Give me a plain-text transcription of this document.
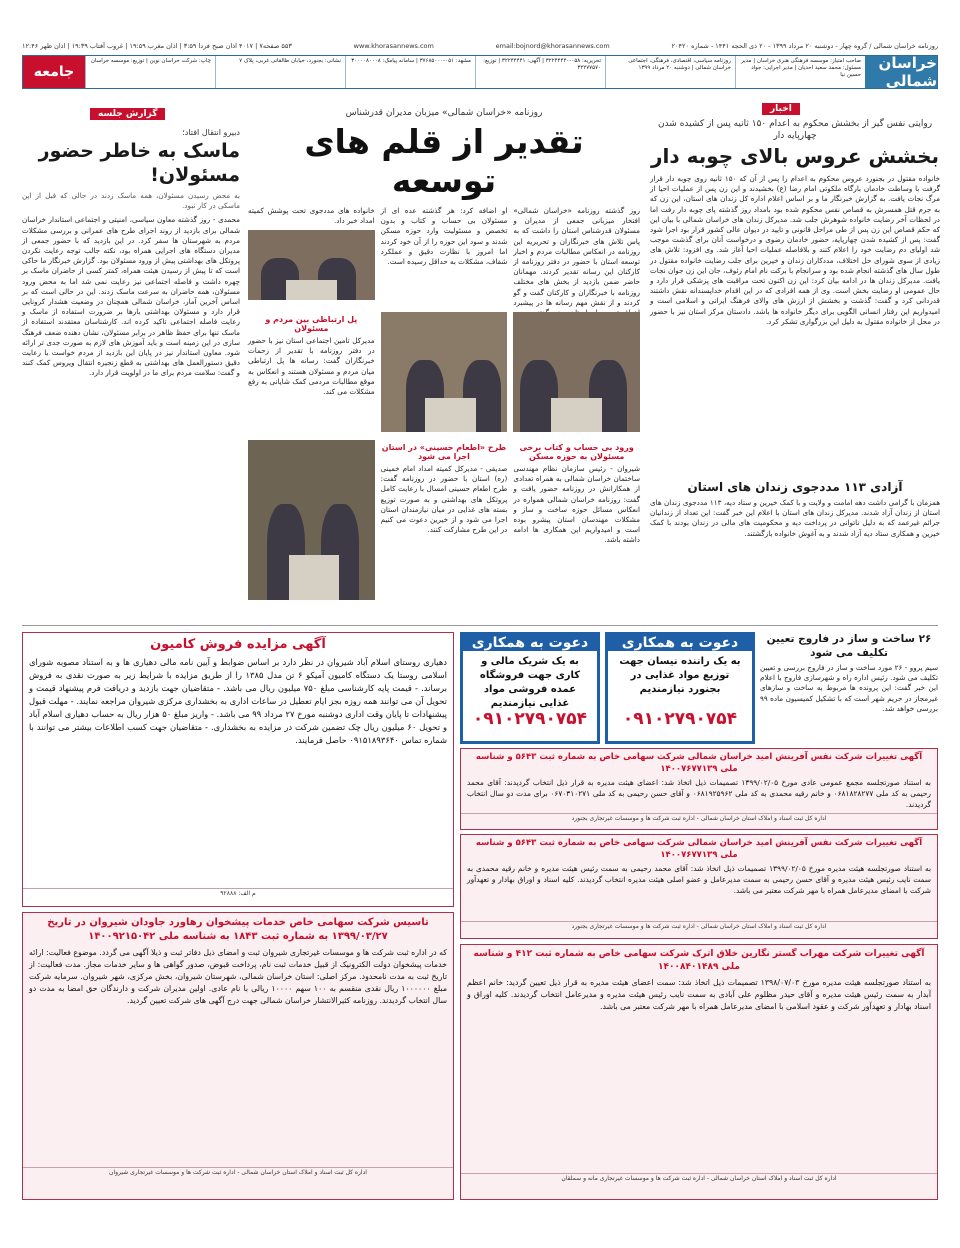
روزنامه خراسان شمالی / گروه چهار - دوشنبه ۲۰ مرداد ۱۳۹۹ - ۲۰ ذی الحجه ۱۴۴۱ - شماره ۲۰۴۲۰
email:bojnord@khorasannews.com
www.khorasannews.com
۵۵۳ صفحه۷ | ۴۰۱۷ اذان صبح فردا ۳:۵۹ | اذان مغرب ۱۹:۵۹ | غروب آفتاب ۱۹:۳۹ | اذان ظهر ۱۲:۴۶
خراسان شمالی
صاحب امتیاز: موسسه فرهنگی هنری خراسان | مدیر مسئول: محمد سعید احدیان | مدیر اجرایی: جواد حسین نیا
روزنامه سیاسی، اقتصادی، فرهنگی، اجتماعی خراسان شمالی | دوشنبه ۲۰ مرداد ۱۳۹۹
تحریریه: ۰۵۸-۳۲۲۴۴۴۴۰ | آگهی: ۳۲۲۴۴۴۴۱ | توزیع: ۳۲۲۷۷۵۷۰
مشهد: ۰۵۱-۳۷۶۸۵۰۰۰ | سامانه پیامک: ۳۰۰۰۰۸۰۰۰۸
نشانی: بجنورد، خیابان طالقانی غربی، پلاک ۷
چاپ: شرکت خراسان نوین | توزیع: موسسه خراسان
جامعه
اخبار
گزارش جلسه
روایتی نفس گیر از بخشش محکوم به اعدام ۱۵۰ ثانیه پس از کشیده شدن چهارپایه دار
بخشش عروس بالای چوبه دار
خانواده مقتول در بجنورد عروس محکوم به اعدام را پس از آن که ۱۵۰ ثانیه روی چوبه دار قرار گرفت با وساطت خادمان بارگاه ملکوتی امام رضا (ع) بخشیدند و این زن پس از عملیات احیا از مرگ نجات یافت. به گزارش خبرنگار ما و بر اساس اعلام اداره کل زندان های استان، این زن که به جرم قتل همسرش به قصاص نفس محکوم شده بود بامداد روز گذشته پای چوبه دار رفت اما در لحظات آخر رضایت خانواده شوهرش جلب شد. مدیرکل زندان های خراسان شمالی با بیان این که حکم قصاص این زن پس از طی مراحل قانونی و تایید در دیوان عالی کشور قرار بود اجرا شود گفت: پس از کشیده شدن چهارپایه، حضور خادمان رضوی و درخواست آنان برای گذشت موجب شد اولیای دم رضایت خود را اعلام کنند و بلافاصله عملیات احیا آغاز شد. وی افزود: تلاش های زیادی از سوی شورای حل اختلاف، مددکاران زندان و خیرین برای جلب رضایت خانواده مقتول در طول سال های گذشته انجام شده بود و سرانجام با برکت نام امام رئوف، جان این زن جوان نجات یافت. مدیرکل زندان ها در ادامه بیان کرد: این زن اکنون تحت مراقبت های پزشکی قرار دارد و حال عمومی او رضایت بخش است. وی از همه افرادی که در این اقدام خداپسندانه نقش داشتند قدردانی کرد و گفت: گذشت و بخشش از ارزش های والای فرهنگ ایرانی و اسلامی است و امیدواریم این رفتار انسانی الگویی برای دیگر خانواده ها باشد. دادستان مرکز استان نیز با حضور در محل از خانواده مقتول به دلیل این بزرگواری تشکر کرد.
آزادی ۱۱۳ مددجوی زندان های استان
همزمان با گرامی داشت دهه امامت و ولایت و با کمک خیرین و ستاد دیه، ۱۱۳ مددجوی زندان های استان از زندان آزاد شدند. مدیرکل زندان های استان با اعلام این خبر گفت: این تعداد از زندانیان جرائم غیرعمد که به دلیل ناتوانی در پرداخت دیه و محکومیت های مالی در زندان بودند با کمک خیرین و همکاری ستاد دیه آزاد شدند و به آغوش خانواده بازگشتند.
روزنامه «خراسان شمالی» میزبان مدیران قدرشناس
تقدیر از قلم های توسعه
روز گذشته روزنامه «خراسان شمالی» افتخار میزبانی جمعی از مدیران و مسئولان قدرشناس استان را داشت که به پاس تلاش های خبرنگاران و تحریریه این روزنامه در انعکاس مطالبات مردم و اخبار توسعه استان با حضور در دفتر روزنامه از کارکنان این رسانه تقدیر کردند. مهمانان حاضر ضمن بازدید از بخش های مختلف روزنامه با خبرنگاران و کارکنان گفت و گو کردند و از نقش مهم رسانه ها در پیشبرد
او اضافه کرد: هر گذشته عده ای از مسئولان بی حساب و کتاب و بدون تخصص و مسئولیت وارد حوزه مسکن شدند و سود این حوزه را از آن خود کردند اما امروز با نظارت دقیق و عملکرد شفاف، مشکلات به حداقل رسیده است.
خانواده های مددجوی تحت پوشش کمیته امداد خبر داد.
پل ارتباطی بین مردم و مسئولان
مدیرکل تامین اجتماعی استان نیز با حضور در دفتر روزنامه با تقدیر از زحمات خبرنگاران گفت: رسانه ها پل ارتباطی میان مردم و مسئولان هستند و انعکاس به موقع مطالبات مردمی کمک شایانی به رفع مشکلات می کند.
ورود بی حساب و کتاب برخی مسئولان به حوزه مسکن
شیروان - رئیس سازمان نظام مهندسی ساختمان خراسان شمالی به همراه تعدادی از همکارانش در روزنامه حضور یافت و گفت: روزنامه خراسان شمالی همواره در انعکاس مسائل حوزه ساخت و ساز و مشکلات مهندسان استان پیشرو بوده است و امیدواریم این همکاری ها ادامه داشته باشد.
طرح «اطعام حسینی» در استان اجرا می شود
صدیقی - مدیرکل کمیته امداد امام خمینی (ره) استان با حضور در روزنامه گفت: طرح اطعام حسینی امسال با رعایت کامل پروتکل های بهداشتی و به صورت توزیع بسته های غذایی در میان نیازمندان استان اجرا می شود و از خیرین دعوت می کنیم در این طرح مشارکت کنند.
دبیرو انتقال افتاد؛
ماسک به خاطر حضور مسئولان!
به محض رسیدن مسئولان، همه ماسک زدند در حالی که قبل از این ماسکی در کار نبود.
محمدی - روز گذشته معاون سیاسی، امنیتی و اجتماعی استاندار خراسان شمالی برای بازدید از روند اجرای طرح های عمرانی و بررسی مشکلات مردم به شهرستان ها سفر کرد. در این بازدید که با حضور جمعی از مدیران دستگاه های اجرایی همراه بود، نکته جالب توجه رعایت نکردن پروتکل های بهداشتی پیش از ورود مسئولان بود. گزارش خبرنگار ما حاکی است که تا پیش از رسیدن هیئت همراه، کمتر کسی از حاضران ماسک بر چهره داشت و فاصله اجتماعی نیز رعایت نمی شد اما به محض ورود مسئولان، همه حاضران به سرعت ماسک زدند. این در حالی است که بر اساس آخرین آمار، خراسان شمالی همچنان در وضعیت هشدار کرونایی قرار دارد و مسئولان بهداشتی بارها بر ضرورت استفاده از ماسک و رعایت فاصله اجتماعی تاکید کرده اند. کارشناسان معتقدند استفاده از ماسک تنها برای حفظ ظاهر در برابر مسئولان، نشان دهنده ضعف فرهنگ سازی در این زمینه است و باید آموزش های لازم به صورت جدی تر ارائه شود. معاون استاندار نیز در پایان این بازدید از مردم خواست با رعایت دقیق دستورالعمل های بهداشتی به قطع زنجیره انتقال ویروس کمک کنند و گفت: سلامت مردم برای ما در اولویت قرار دارد.
۲۶ ساخت و ساز در فاروج تعیین تکلیف می شود
سیم پروو - ۲۶ مورد ساخت و ساز در فاروج بررسی و تعیین تکلیف می شود. رئیس اداره راه و شهرسازی فاروج با اعلام این خبر گفت: این پرونده ها مربوط به ساخت و سازهای غیرمجاز در حریم شهر است که با تشکیل کمیسیون ماده ۹۹ بررسی خواهد شد.
دعوت به همکاری
به یک شریک مالی و کاری جهت فروشگاه عمده فروشی مواد غذایی نیازمندیم
۰۹۱۰۲۷۹۰۷۵۴
دعوت به همکاری
به یک راننده نیسان جهت توزیع مواد غذایی در بجنورد نیازمندیم
۰۹۱۰۲۷۹۰۷۵۴
آگهی مزایده فروش کامیون
دهیاری روستای اسلام آباد شیروان در نظر دارد بر اساس ضوابط و آیین نامه مالی دهیاری ها و به استناد مصوبه شورای اسلامی روستا یک دستگاه کامیون آمیکو ۶ تن مدل ۱۳۸۵ را از طریق مزایده با شرایط زیر به صورت نقدی به فروش برساند. - قیمت پایه کارشناسی مبلغ ۷۵۰ میلیون ریال می باشد. - متقاضیان جهت بازدید و دریافت فرم پیشنهاد قیمت و تحویل آن می توانند همه روزه بجز ایام تعطیل در ساعات اداری به بخشداری مرکزی شیروان مراجعه نمایند. - مهلت قبول پیشنهادات تا پایان وقت اداری دوشنبه مورخ ۲۷ مرداد ۹۹ می باشد. - واریز مبلغ ۵۰ هزار ریال به حساب دهیاری اسلام آباد و تحویل ۶۰ میلیون ریال چک تضمین شرکت در مزایده به بخشداری. - متقاضیان جهت کسب اطلاعات بیشتر می توانند با شماره تماس ۰۹۱۵۱۸۹۳۶۴۰ حاصل فرمایند.
م الف: ۹۲۸۸۸
آگهی تغییرات شرکت نفس آفرینش امید خراسان شمالی شرکت سهامی خاص به شماره ثبت ۵۶۴۳ و شناسه ملی ۱۴۰۰۷۶۷۷۱۳۹
به استناد صورتجلسه مجمع عمومی عادی مورخ ۱۳۹۹/۰۲/۰۵ تصمیمات ذیل اتخاذ شد: اعضای هیئت مدیره به قرار ذیل انتخاب گردیدند: آقای محمد رحیمی به کد ملی ۰۶۸۱۸۲۸۲۷۷ و خانم رقیه محمدی به کد ملی ۰۶۸۱۹۲۵۹۶۲ و آقای حسن رحیمی به کد ملی ۰۶۷۰۳۱۰۲۷۱ برای مدت دو سال انتخاب گردیدند.
اداره کل ثبت اسناد و املاک استان خراسان شمالی - اداره ثبت شرکت ها و موسسات غیرتجاری بجنورد
آگهی تغییرات شرکت نفس آفرینش امید خراسان شمالی شرکت سهامی خاص به شماره ثبت ۵۶۴۳ و شناسه ملی ۱۴۰۰۷۶۷۷۱۳۹
به استناد صورتجلسه هیئت مدیره مورخ ۱۳۹۹/۰۲/۰۵ تصمیمات ذیل اتخاذ شد: آقای محمد رحیمی به سمت رئیس هیئت مدیره و خانم رقیه محمدی به سمت نایب رئیس هیئت مدیره و آقای حسن رحیمی به سمت مدیرعامل و عضو اصلی هیئت مدیره انتخاب گردیدند. کلیه اسناد و اوراق بهادار و تعهدآور شرکت با امضای مدیرعامل همراه با مهر شرکت معتبر می باشد.
اداره کل ثبت اسناد و املاک استان خراسان شمالی - اداره ثبت شرکت ها و موسسات غیرتجاری بجنورد
تاسیس شرکت سهامی خاص خدمات پیشخوان رهاورد جاودان شیروان در تاریخ ۱۳۹۹/۰۳/۲۷ به شماره ثبت ۱۸۴۳ به شناسه ملی ۱۴۰۰۹۲۱۵۰۴۲
که در اداره ثبت شرکت ها و موسسات غیرتجاری شیروان ثبت و امضای ذیل دفاتر ثبت و ذیلا آگهی می گردد. موضوع فعالیت: ارائه خدمات پیشخوان دولت الکترونیک از قبیل خدمات ثبت نام، پرداخت قبوض، صدور گواهی ها و سایر خدمات مجاز. مدت فعالیت: از تاریخ ثبت به مدت نامحدود. مرکز اصلی: استان خراسان شمالی، شهرستان شیروان، بخش مرکزی، شهر شیروان. سرمایه شرکت مبلغ ۱۰۰۰۰۰۰ ریال نقدی منقسم به ۱۰۰ سهم ۱۰۰۰۰ ریالی با نام عادی. اولین مدیران شرکت و دارندگان حق امضا به مدت دو سال انتخاب گردیدند. روزنامه کثیرالانتشار خراسان شمالی جهت درج آگهی های شرکت تعیین گردید.
اداره کل ثبت اسناد و املاک استان خراسان شمالی - اداره ثبت شرکت ها و موسسات غیرتجاری شیروان
آگهی تغییرات شرکت مهراب گستر نگارین خلاق اترک شرکت سهامی خاص به شماره ثبت ۴۱۲ و شناسه ملی ۱۴۰۰۸۴۰۱۴۸۹
به استناد صورتجلسه هیئت مدیره مورخ ۱۳۹۸/۰۷/۰۳ تصمیمات ذیل اتخاذ شد: سمت اعضای هیئت مدیره به قرار ذیل تعیین گردید: خانم اعظم آبدار به سمت رئیس هیئت مدیره و آقای حیدر مظلوم علی آبادی به سمت نایب رئیس هیئت مدیره و مدیرعامل انتخاب گردیدند. کلیه اوراق و اسناد بهادار و تعهدآور شرکت و عقود اسلامی با امضای مدیرعامل همراه با مهر شرکت معتبر می باشد.
اداره کل ثبت اسناد و املاک استان خراسان شمالی - اداره ثبت شرکت ها و موسسات غیرتجاری مانه و سملقان
